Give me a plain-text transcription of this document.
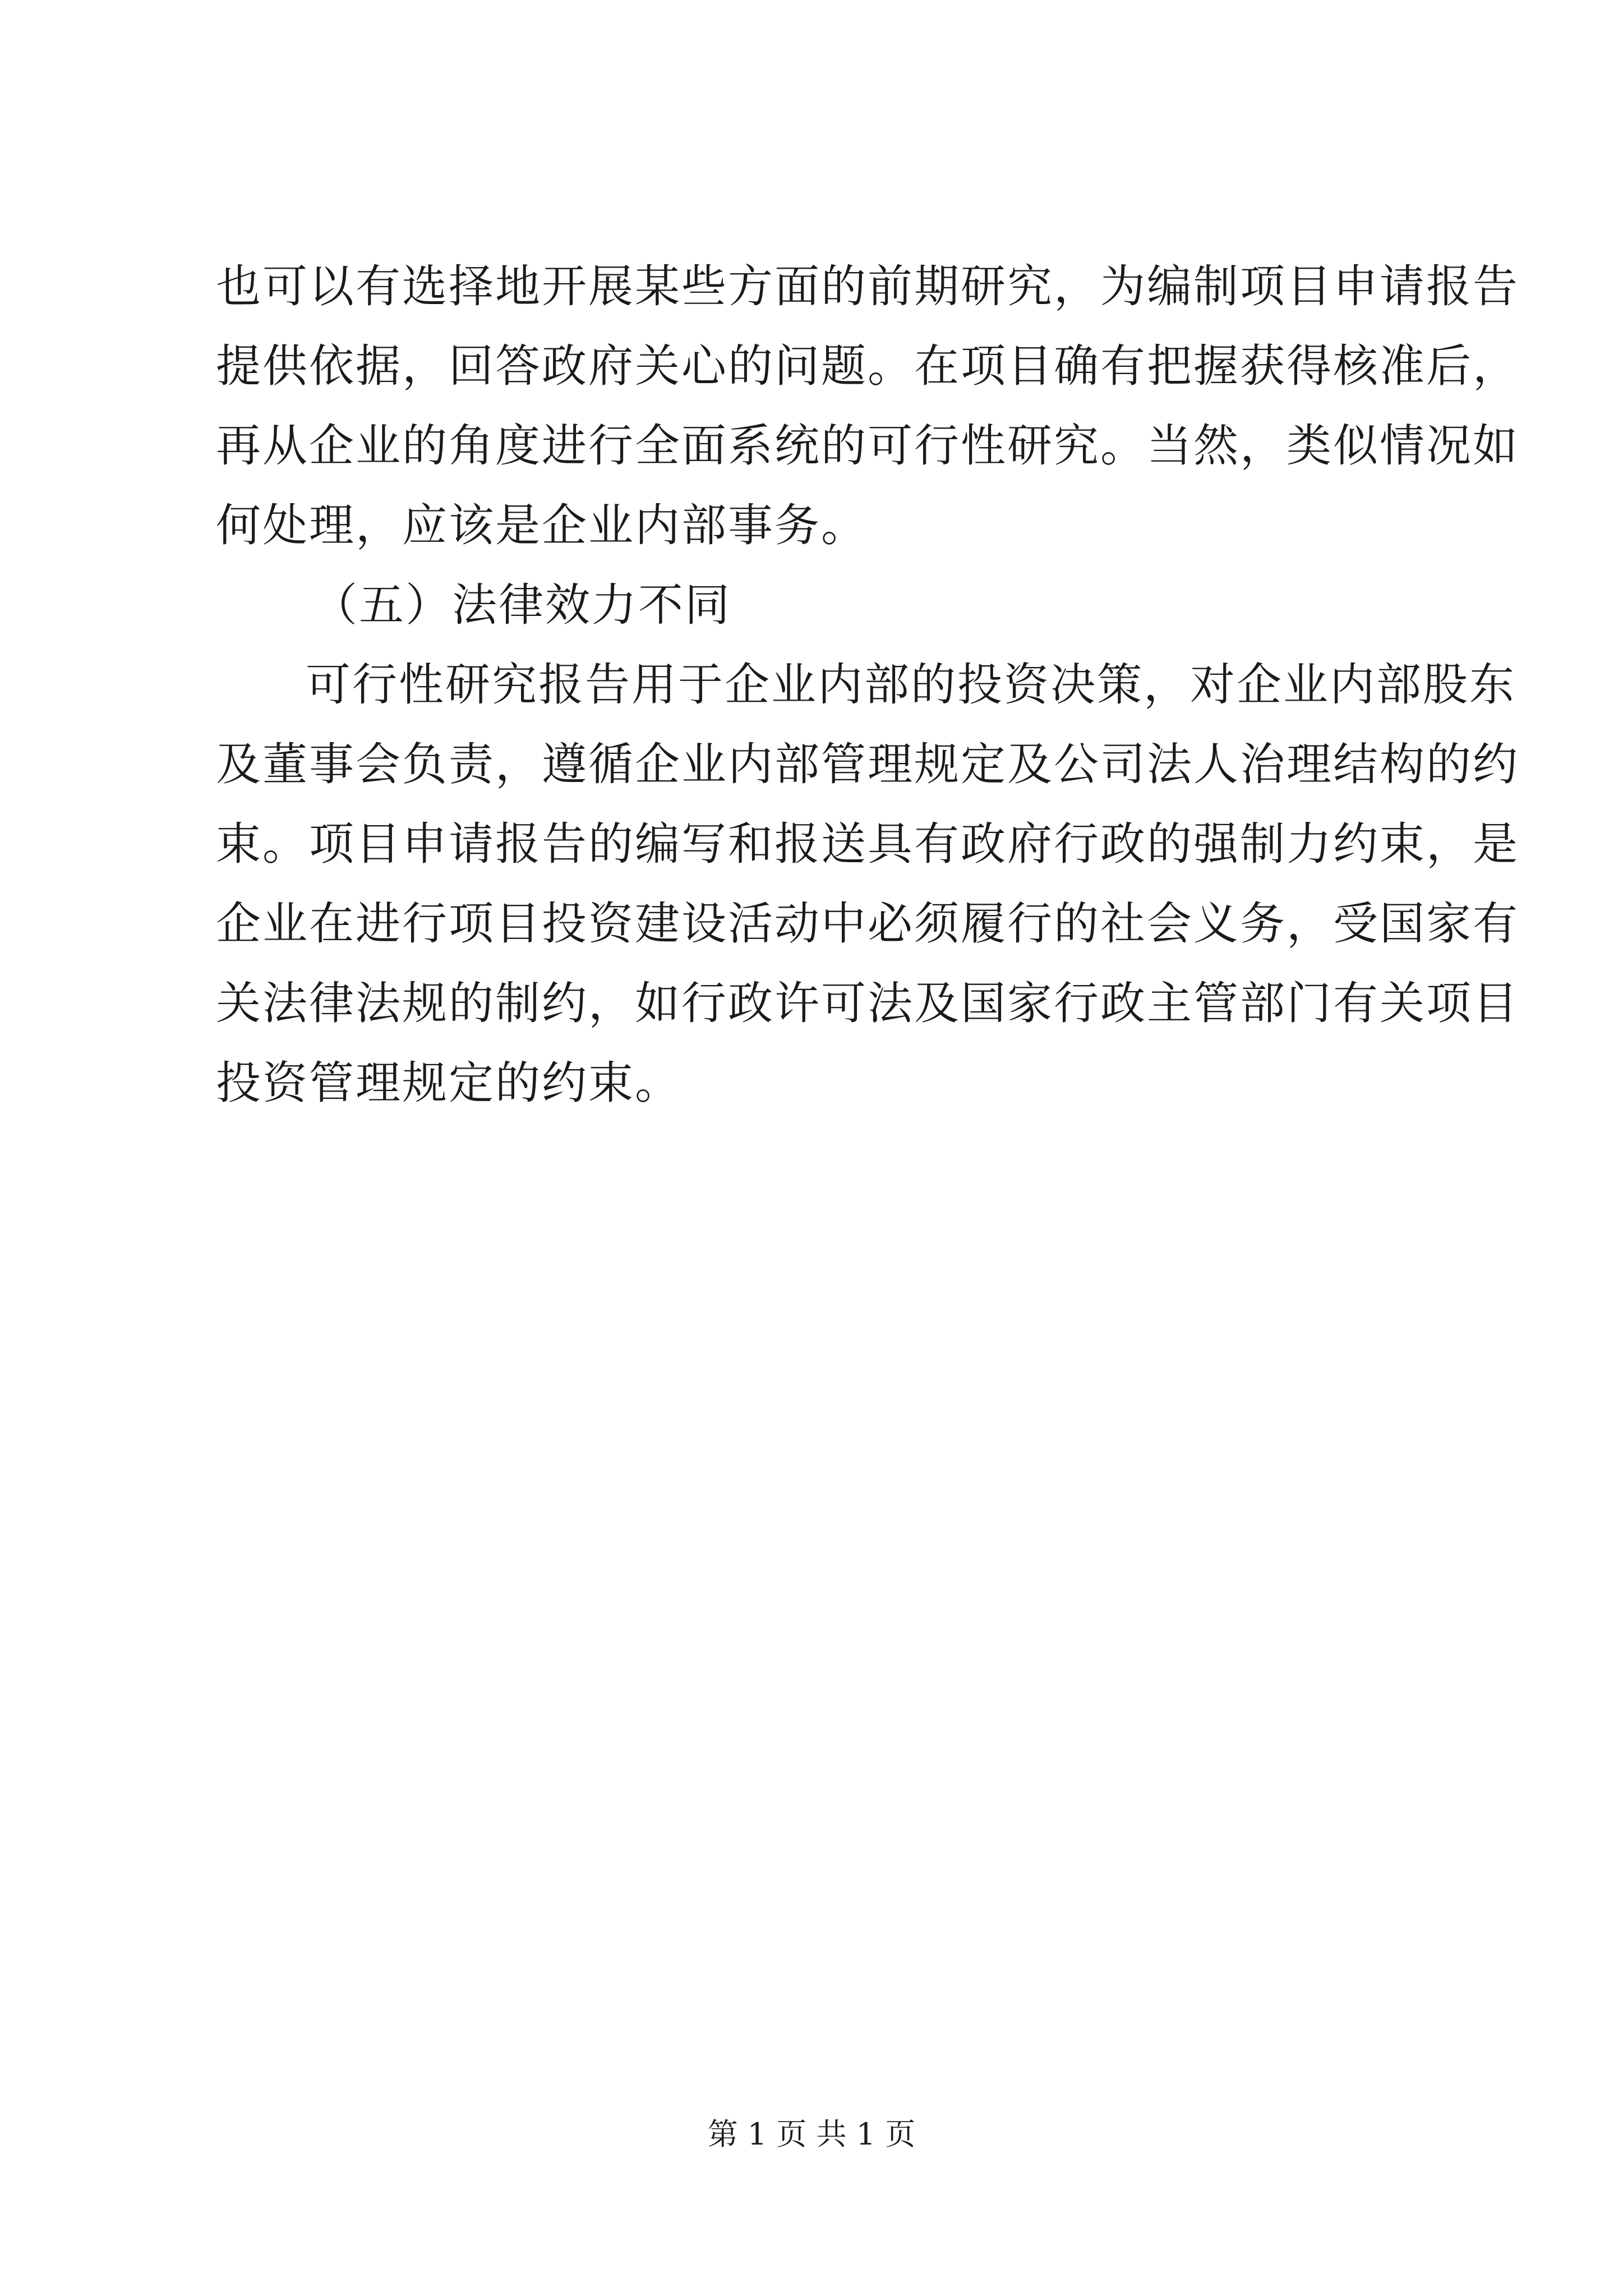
也可以有选择地开展某些方面的前期研究，为编制项目申请报告
提供依据，回答政府关心的问题。在项目确有把握获得核准后，
再从企业的角度进行全面系统的可行性研究。当然，类似情况如
何处理，应该是企业内部事务。
（五）法律效力不同
可行性研究报告用于企业内部的投资决策，对企业内部股东
及董事会负责，遵循企业内部管理规定及公司法人治理结构的约
束。项目申请报告的编写和报送具有政府行政的强制力约束，是
企业在进行项目投资建设活动中必须履行的社会义务，受国家有
关法律法规的制约，如行政许可法及国家行政主管部门有关项目
投资管理规定的约束。
第 1 页 共 1 页
